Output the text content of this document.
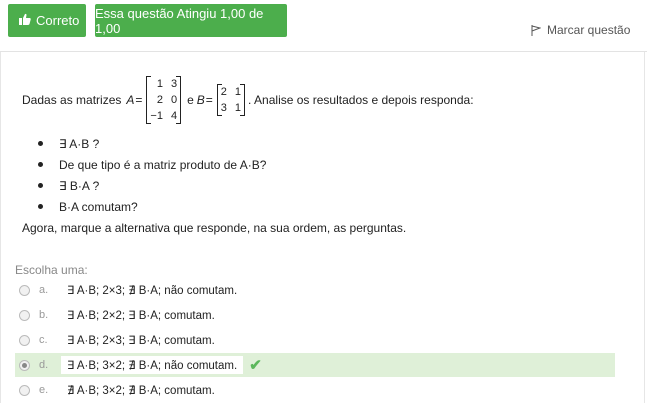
Correto Essa questão Atingiu 1,00 de 1,00	Marcar questão
Dadas as matrizes A =
1	3
2	0
−1	4
e B =
2	1
3	1
. Analise os resultados e depois responda:
∃ A·B ?
De que tipo é a matriz produto de A·B?
∃ B·A ?
B·A comutam?
Agora, marque a alternativa que responde, na sua ordem, as perguntas.
Escolha uma:
a.	∃ A·B; 2×3; ∄ B·A; não comutam.
b.	∃ A·B; 2×2; ∃ B·A; comutam.
c.	∃ A·B; 2×3; ∃ B·A; comutam.
d.	∃ A·B; 3×2; ∄ B·A; não comutam. ✔
e.	∄ A·B; 3×2; ∄ B·A; comutam.
